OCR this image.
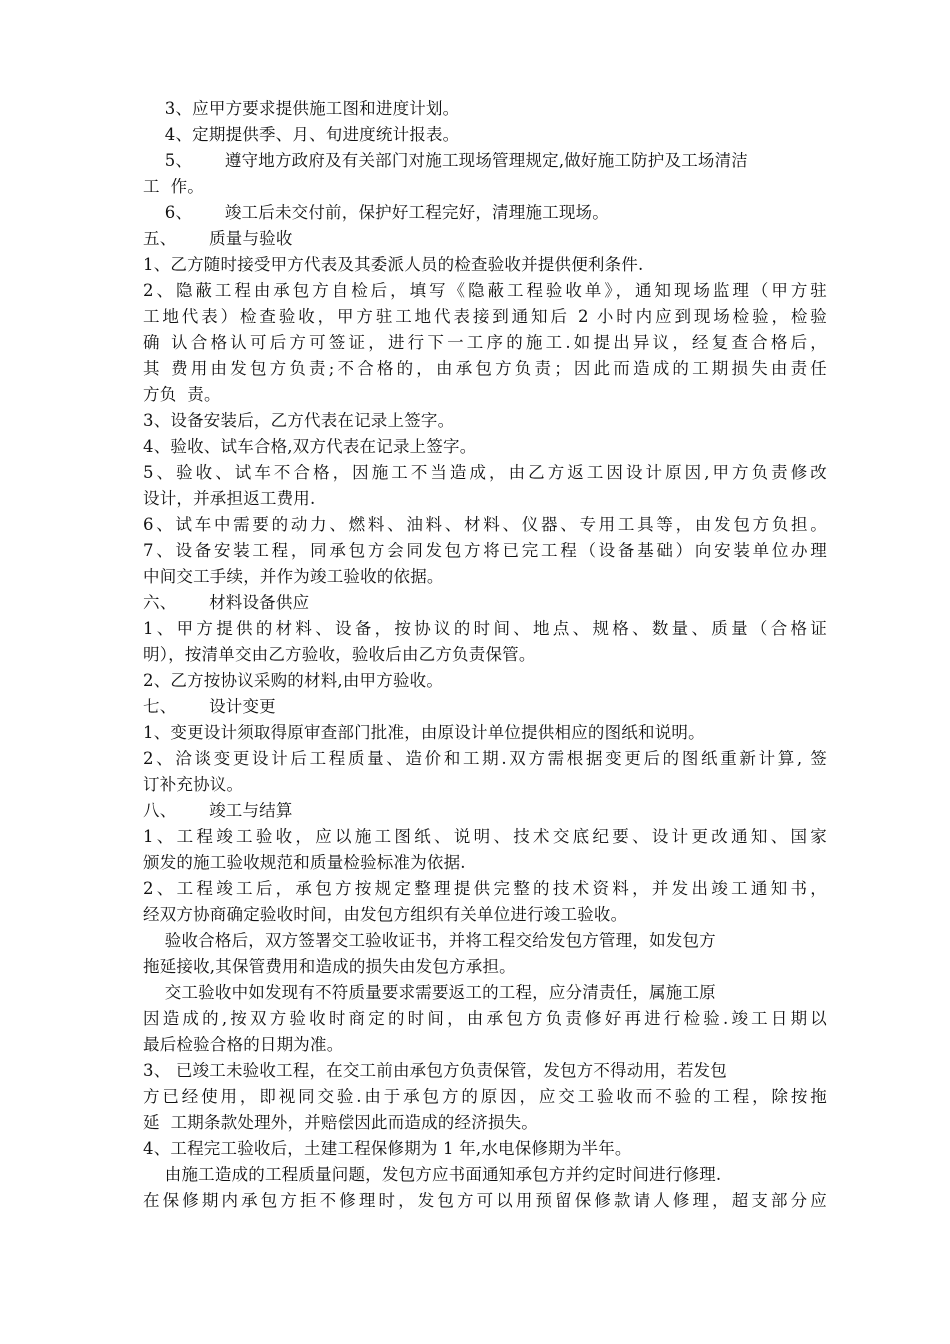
3、应甲方要求提供施工图和进度计划。
4、定期提供季、月、旬进度统计报表。
5、      遵守地方政府及有关部门对施工现场管理规定,做好施工防护及工场清洁
工  作。
6、      竣工后未交付前，保护好工程完好，清理施工现场。
五、      质量与验收
1、乙方随时接受甲方代表及其委派人员的检查验收并提供便利条件.
2、隐蔽工程由承包方自检后，填写《隐蔽工程验收单》，通知现场监理（甲方驻
工地代表）检查验收，甲方驻工地代表接到通知后 2 小时内应到现场检验，检验
确 认合格认可后方可签证，进行下一工序的施工.如提出异议，经复查合格后，
其 费用由发包方负责;不合格的，由承包方负责；因此而造成的工期损失由责任
方负  责。
3、设备安装后，乙方代表在记录上签字。
4、验收、试车合格,双方代表在记录上签字。
5、验收、试车不合格，因施工不当造成，由乙方返工因设计原因,甲方负责修改
设计，并承担返工费用.
6、试车中需要的动力、燃料、油料、材料、仪器、专用工具等，由发包方负担。
7、设备安装工程，同承包方会同发包方将已完工程（设备基础）向安装单位办理
中间交工手续，并作为竣工验收的依据。
六、      材料设备供应
1、甲方提供的材料、设备，按协议的时间、地点、规格、数量、质量（合格证
明），按清单交由乙方验收，验收后由乙方负责保管。
2、乙方按协议采购的材料,由甲方验收。
七、      设计变更
1、变更设计须取得原审查部门批准，由原设计单位提供相应的图纸和说明。
2、洽谈变更设计后工程质量、造价和工期.双方需根据变更后的图纸重新计算, 签
订补充协议。
八、      竣工与结算
1、工程竣工验收，应以施工图纸、说明、技术交底纪要、设计更改通知、国家
颁发的施工验收规范和质量检验标准为依据.
2、工程竣工后，承包方按规定整理提供完整的技术资料，并发出竣工通知书，
经双方协商确定验收时间，由发包方组织有关单位进行竣工验收。
验收合格后，双方签署交工验收证书，并将工程交给发包方管理，如发包方
拖延接收,其保管费用和造成的损失由发包方承担。
交工验收中如发现有不符质量要求需要返工的工程，应分清责任，属施工原
因造成的,按双方验收时商定的时间，由承包方负责修好再进行检验.竣工日期以
最后检验合格的日期为准。
3、 已竣工未验收工程，在交工前由承包方负责保管，发包方不得动用，若发包
方已经使用，即视同交验.由于承包方的原因，应交工验收而不验的工程，除按拖
延  工期条款处理外，并赔偿因此而造成的经济损失。
4、工程完工验收后，土建工程保修期为 1 年,水电保修期为半年。
由施工造成的工程质量问题，发包方应书面通知承包方并约定时间进行修理.
在保修期内承包方拒不修理时，发包方可以用预留保修款请人修理，超支部分应
